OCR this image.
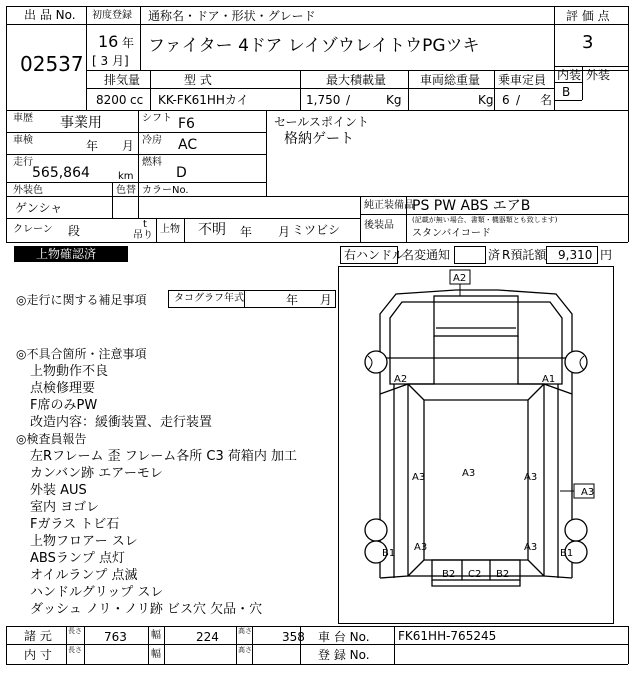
出 品 No.
02537
初度登録 通称名・ドア・形状・グレード
16 年
[ 3 月]
ファイター 4ドア レイゾウレイトウPGツキ
評 価 点
3
内装 外装
B
排気量	型 式	最大積載量	車両総重量 乗車定員
8200 cc KK-FK61HHカイ	1,750 /	Kg	Kg 6 / 名
車歴 事業用	シフト F6
車検	年 月 冷房 AC
走行
565,864	km
燃料
D
外装色
ゲンシャ
色替 カラーNo.
クレーン 段	t
吊り
上物 不明 年 月 ミツビシ
セールスポイント
格納ゲート
純正装備品
PS PW ABS エアB
後装品	(記載が無い場合、書類・機器類とも致します)
スタンバイコード
上物確認済	右ハンドル
名変通知	済 R預託額 9,310 円
◎走行に関する補足事項	タコグラフ年式	年 月
◎不具合箇所・注意事項
上物動作不良
点検修理要
F席のみPW
改造内容：緩衝装置、走行装置
◎検査員報告
左Rフレーム 歪 フレーム各所 C3 荷箱内 加工
カンバン跡 エアーモレ
外装 AUS
室内 ヨゴレ
Fガラス トビ石
上物フロアー スレ
ABSランプ 点灯
オイルランプ 点滅
ハンドルグリップ スレ
ダッシュ ノリ・ノリ跡 ビス穴 欠品・穴
A2
A2	A1
A3
A3	A3	A3
B1
A3	A3
B1
B2 C2 B2
諸 元 長さ 763 幅	224	高さ	358 車 台 No. FK61HH-765245
内 寸 長さ	幅	高さ	登 録 No.
